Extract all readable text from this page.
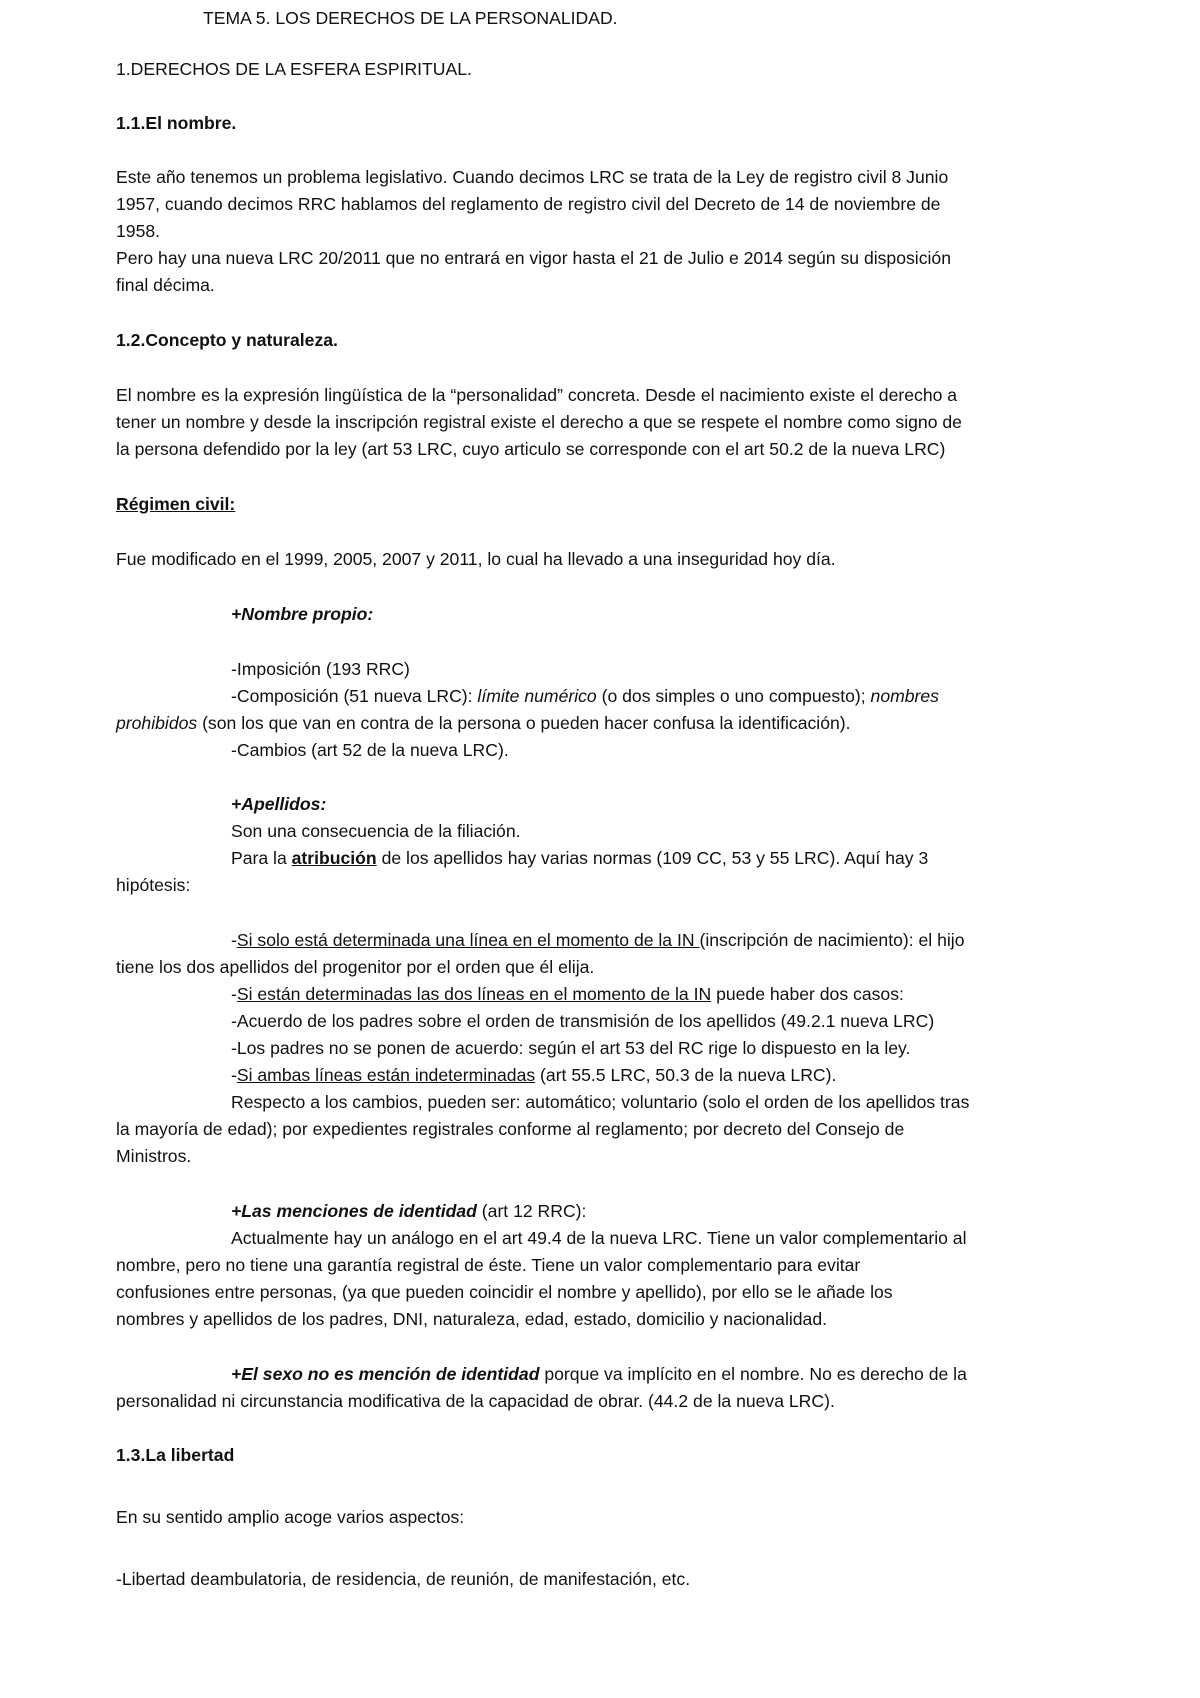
TEMA 5. LOS DERECHOS DE LA PERSONALIDAD.
1.DERECHOS DE LA ESFERA ESPIRITUAL.
1.1.El nombre.
Este año tenemos un problema legislativo. Cuando decimos LRC se trata de la Ley de registro civil 8 Junio
1957, cuando decimos RRC hablamos del reglamento de registro civil del Decreto de 14 de noviembre de
1958.
Pero hay una nueva LRC 20/2011 que no entrará en vigor hasta el 21 de Julio e 2014 según su disposición
final décima.
1.2.Concepto y naturaleza.
El nombre es la expresión lingüística de la “personalidad” concreta. Desde el nacimiento existe el derecho a
tener un nombre y desde la inscripción registral existe el derecho a que se respete el nombre como signo de
la persona defendido por la ley (art 53 LRC, cuyo articulo se corresponde con el art 50.2 de la nueva LRC)
Régimen civil:
Fue modificado en el 1999, 2005, 2007 y 2011, lo cual ha llevado a una inseguridad hoy día.
+Nombre propio:
-Imposición (193 RRC)
-Composición (51 nueva LRC): límite numérico (o dos simples o uno compuesto); nombres
prohibidos (son los que van en contra de la persona o pueden hacer confusa la identificación).
-Cambios (art 52 de la nueva LRC).
+Apellidos:
Son una consecuencia de la filiación.
Para la atribución de los apellidos hay varias normas (109 CC, 53 y 55 LRC). Aquí hay 3
hipótesis:
-Si solo está determinada una línea en el momento de la IN (inscripción de nacimiento): el hijo
tiene los dos apellidos del progenitor por el orden que él elija.
-Si están determinadas las dos líneas en el momento de la IN puede haber dos casos:
-Acuerdo de los padres sobre el orden de transmisión de los apellidos (49.2.1 nueva LRC)
-Los padres no se ponen de acuerdo: según el art 53 del RC rige lo dispuesto en la ley.
-Si ambas líneas están indeterminadas (art 55.5 LRC, 50.3 de la nueva LRC).
Respecto a los cambios, pueden ser: automático; voluntario (solo el orden de los apellidos tras
la mayoría de edad); por expedientes registrales conforme al reglamento; por decreto del Consejo de
Ministros.
+Las menciones de identidad (art 12 RRC):
Actualmente hay un análogo en el art 49.4 de la nueva LRC. Tiene un valor complementario al
nombre, pero no tiene una garantía registral de éste. Tiene un valor complementario para evitar
confusiones entre personas, (ya que pueden coincidir el nombre y apellido), por ello se le añade los
nombres y apellidos de los padres, DNI, naturaleza, edad, estado, domicilio y nacionalidad.
+El sexo no es mención de identidad porque va implícito en el nombre. No es derecho de la
personalidad ni circunstancia modificativa de la capacidad de obrar. (44.2 de la nueva LRC).
1.3.La libertad
En su sentido amplio acoge varios aspectos:
-Libertad deambulatoria, de residencia, de reunión, de manifestación, etc.
